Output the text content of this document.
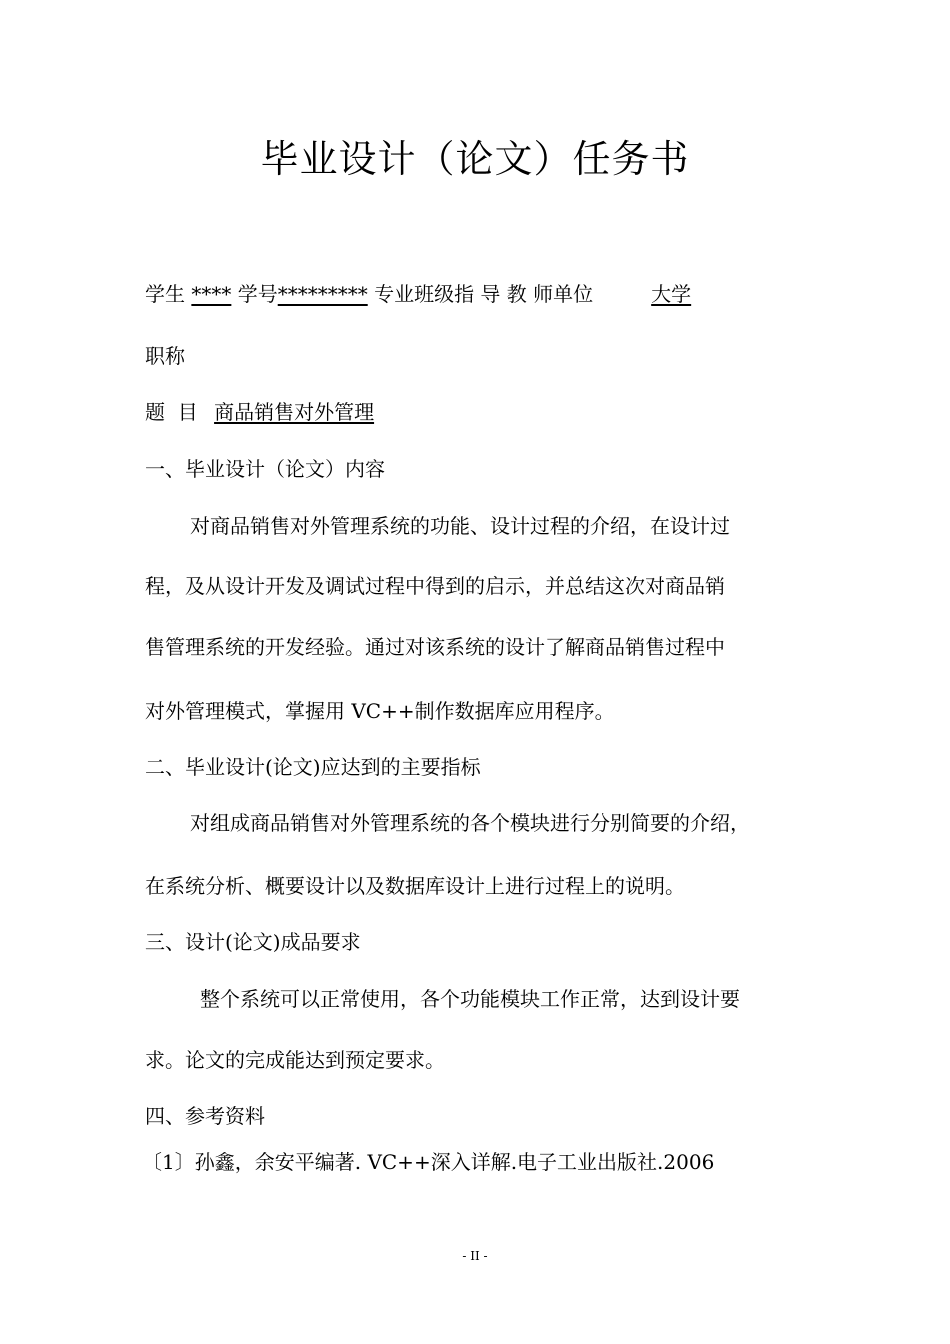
毕业设计（论文）任务书
学生 **** 学号********* 专业班级指 导 教 师单位	大学
职称
题  目 商品销售对外管理
一、毕业设计（论文）内容
对商品销售对外管理系统的功能、设计过程的介绍，在设计过
程，及从设计开发及调试过程中得到的启示，并总结这次对商品销
售管理系统的开发经验。通过对该系统的设计了解商品销售过程中
对外管理模式，掌握用 VC++制作数据库应用程序。
二、毕业设计(论文)应达到的主要指标
对组成商品销售对外管理系统的各个模块进行分别简要的介绍，
在系统分析、概要设计以及数据库设计上进行过程上的说明。
三、设计(论文)成品要求
整个系统可以正常使用，各个功能模块工作正常，达到设计要
求。论文的完成能达到预定要求。
四、参考资料
〔1〕孙鑫，余安平编著. VC++深入详解.电子工业出版社.2006
- II -
